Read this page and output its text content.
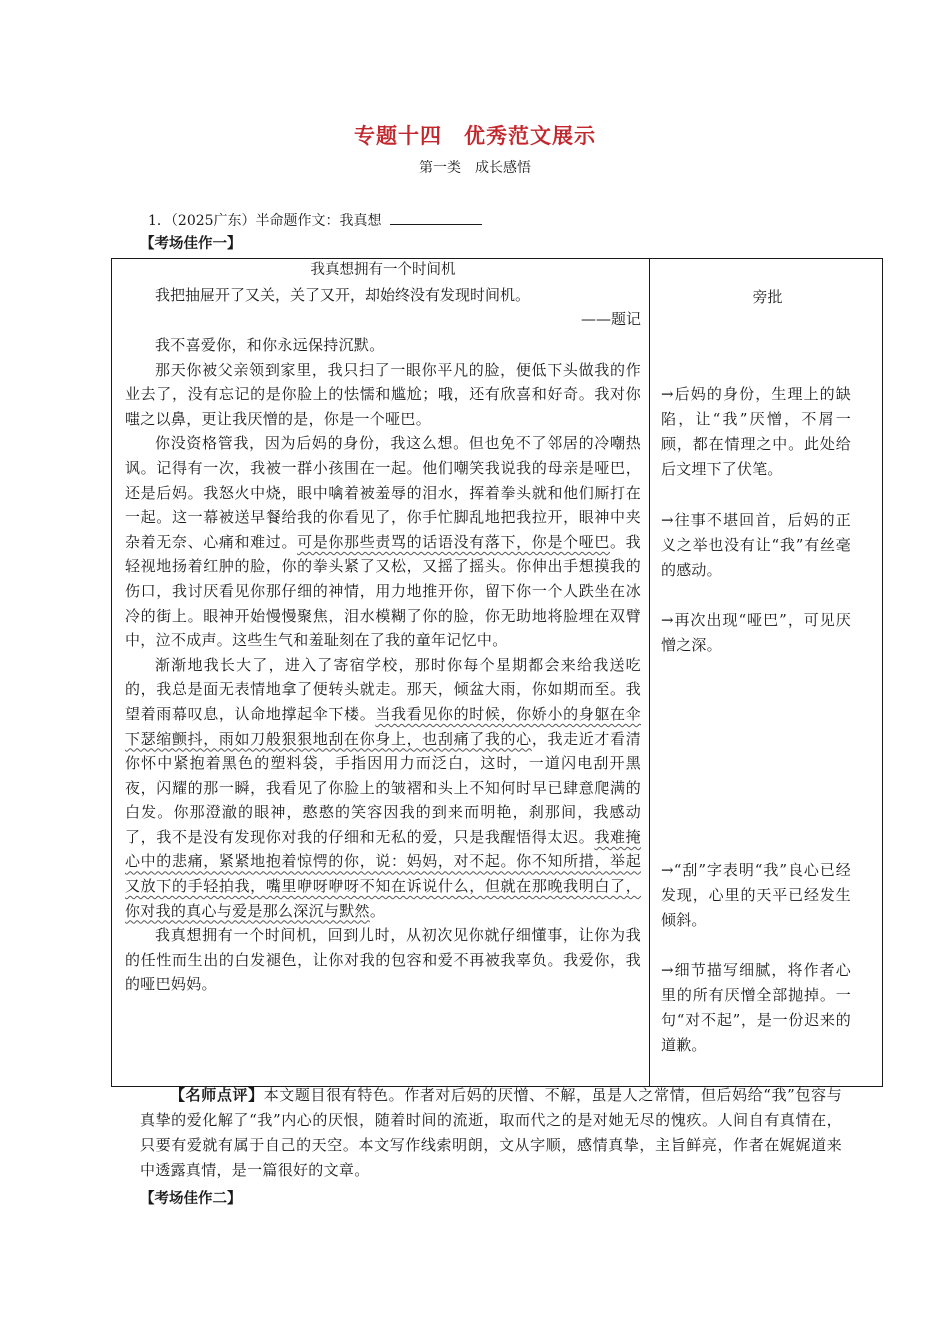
专题十四　优秀范文展示
第一类　成长感悟
1．（2025广东）半命题作文：我真想
【考场佳作一】
我真想拥有一个时间机

我把抽屉开了又关，关了又开，却始终没有发现时间机。

——题记

我不喜爱你，和你永远保持沉默。

那天你被父亲领到家里，我只扫了一眼你平凡的脸，便低下头做我的作业去了，没有忘记的是你脸上的怯懦和尴尬；哦，还有欣喜和好奇。我对你嗤之以鼻，更让我厌憎的是，你是一个哑巴。

你没资格管我，因为后妈的身份，我这么想。但也免不了邻居的冷嘲热讽。记得有一次，我被一群小孩围在一起。他们嘲笑我说我的母亲是哑巴，还是后妈。我怒火中烧，眼中噙着被羞辱的泪水，挥着拳头就和他们厮打在一起。这一幕被送早餐给我的你看见了，你手忙脚乱地把我拉开，眼神中夹杂着无奈、心痛和难过。可是你那些责骂的话语没有落下，你是个哑巴。我轻视地扬着红肿的脸，你的拳头紧了又松，又摇了摇头。你伸出手想摸我的伤口，我讨厌看见你那仔细的神情，用力地推开你，留下你一个人跌坐在冰冷的街上。眼神开始慢慢聚焦，泪水模糊了你的脸，你无助地将脸埋在双臂中，泣不成声。这些生气和羞耻刻在了我的童年记忆中。

渐渐地我长大了，进入了寄宿学校，那时你每个星期都会来给我送吃的，我总是面无表情地拿了便转头就走。那天，倾盆大雨，你如期而至。我望着雨幕叹息，认命地撑起伞下楼。当我看见你的时候，你娇小的身躯在伞下瑟缩颤抖，雨如刀般狠狠地刮在你身上，也刮痛了我的心，我走近才看清你怀中紧抱着黑色的塑料袋，手指因用力而泛白，这时，一道闪电刮开黑夜，闪耀的那一瞬，我看见了你脸上的皱褶和头上不知何时早已肆意爬满的白发。你那澄澈的眼神，憨憨的笑容因我的到来而明艳，刹那间，我感动了，我不是没有发现你对我的仔细和无私的爱，只是我醒悟得太迟。我难掩心中的悲痛，紧紧地抱着惊愕的你，说：妈妈，对不起。你不知所措，举起又放下的手轻拍我，嘴里咿呀咿呀不知在诉说什么，但就在那晚我明白了，你对我的真心与爱是那么深沉与默然。

我真想拥有一个时间机，回到儿时，从初次见你就仔细懂事，让你为我的任性而生出的白发褪色，让你对我的包容和爱不再被我辜负。我爱你，我的哑巴妈妈。

旁批
→后妈的身份，生理上的缺陷，让“我”厌憎，不屑一顾，都在情理之中。此处给后文埋下了伏笔。
→往事不堪回首，后妈的正义之举也没有让“我”有丝毫的感动。
→再次出现“哑巴”，可见厌憎之深。
→“刮”字表明“我”良心已经发现，心里的天平已经发生倾斜。
→细节描写细腻，将作者心里的所有厌憎全部抛掉。一句“对不起”，是一份迟来的道歉。
【名师点评】本文题目很有特色。作者对后妈的厌憎、不解，虽是人之常情，但后妈给“我”包容与真挚的爱化解了“我”内心的厌恨，随着时间的流逝，取而代之的是对她无尽的愧疚。人间自有真情在，只要有爱就有属于自己的天空。本文写作线索明朗，文从字顺，感情真挚，主旨鲜亮，作者在娓娓道来中透露真情，是一篇很好的文章。
【考场佳作二】
